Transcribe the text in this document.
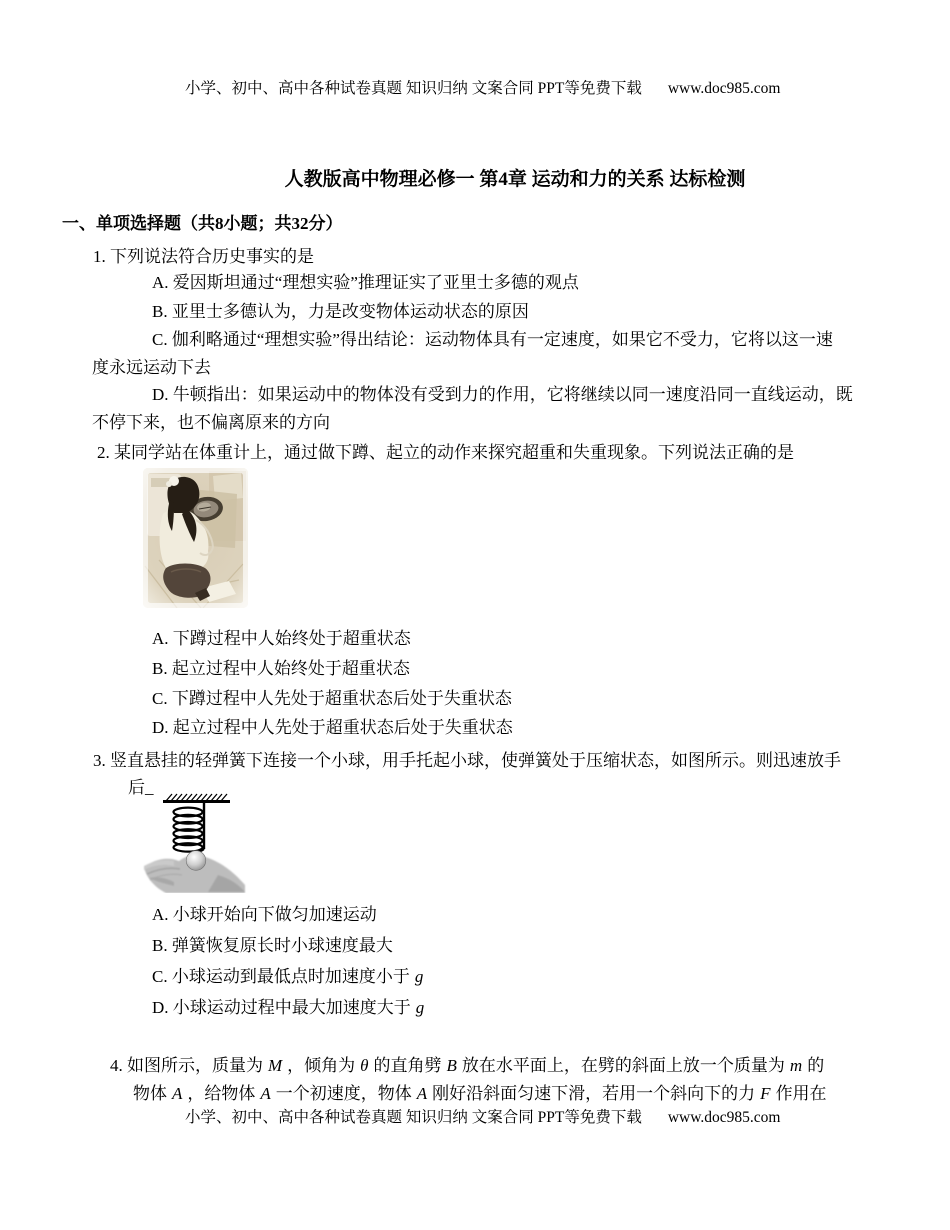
小学、初中、高中各种试卷真题 知识归纳 文案合同 PPT等免费下载 www.doc985.com

人教版高中物理必修一 第4章 运动和力的关系 达标检测
一、单项选择题（共8小题；共32分）
1. 下列说法符合历史事实的是
A. 爱因斯坦通过“理想实验”推理证实了亚里士多德的观点
B. 亚里士多德认为，力是改变物体运动状态的原因
C. 伽利略通过“理想实验”得出结论：运动物体具有一定速度，如果它不受力，它将以这一速
度永远运动下去
D. 牛顿指出：如果运动中的物体没有受到力的作用，它将继续以同一速度沿同一直线运动，既
不停下来，也不偏离原来的方向
2. 某同学站在体重计上，通过做下蹲、起立的动作来探究超重和失重现象。下列说法正确的是
A. 下蹲过程中人始终处于超重状态
B. 起立过程中人始终处于超重状态
C. 下蹲过程中人先处于超重状态后处于失重状态
D. 起立过程中人先处于超重状态后处于失重状态
3. 竖直悬挂的轻弹簧下连接一个小球，用手托起小球，使弹簧处于压缩状态，如图所示。则迅速放手
后_
A. 小球开始向下做匀加速运动
B. 弹簧恢复原长时小球速度最大
C. 小球运动到最低点时加速度小于 g
D. 小球运动过程中最大加速度大于 g

4. 如图所示，质量为 M ，倾角为 θ 的直角劈 B 放在水平面上，在劈的斜面上放一个质量为 m 的

物体 A ，给物体 A 一个初速度，物体 A 刚好沿斜面匀速下滑，若用一个斜向下的力 F 作用在

小学、初中、高中各种试卷真题 知识归纳 文案合同 PPT等免费下载 www.doc985.com
